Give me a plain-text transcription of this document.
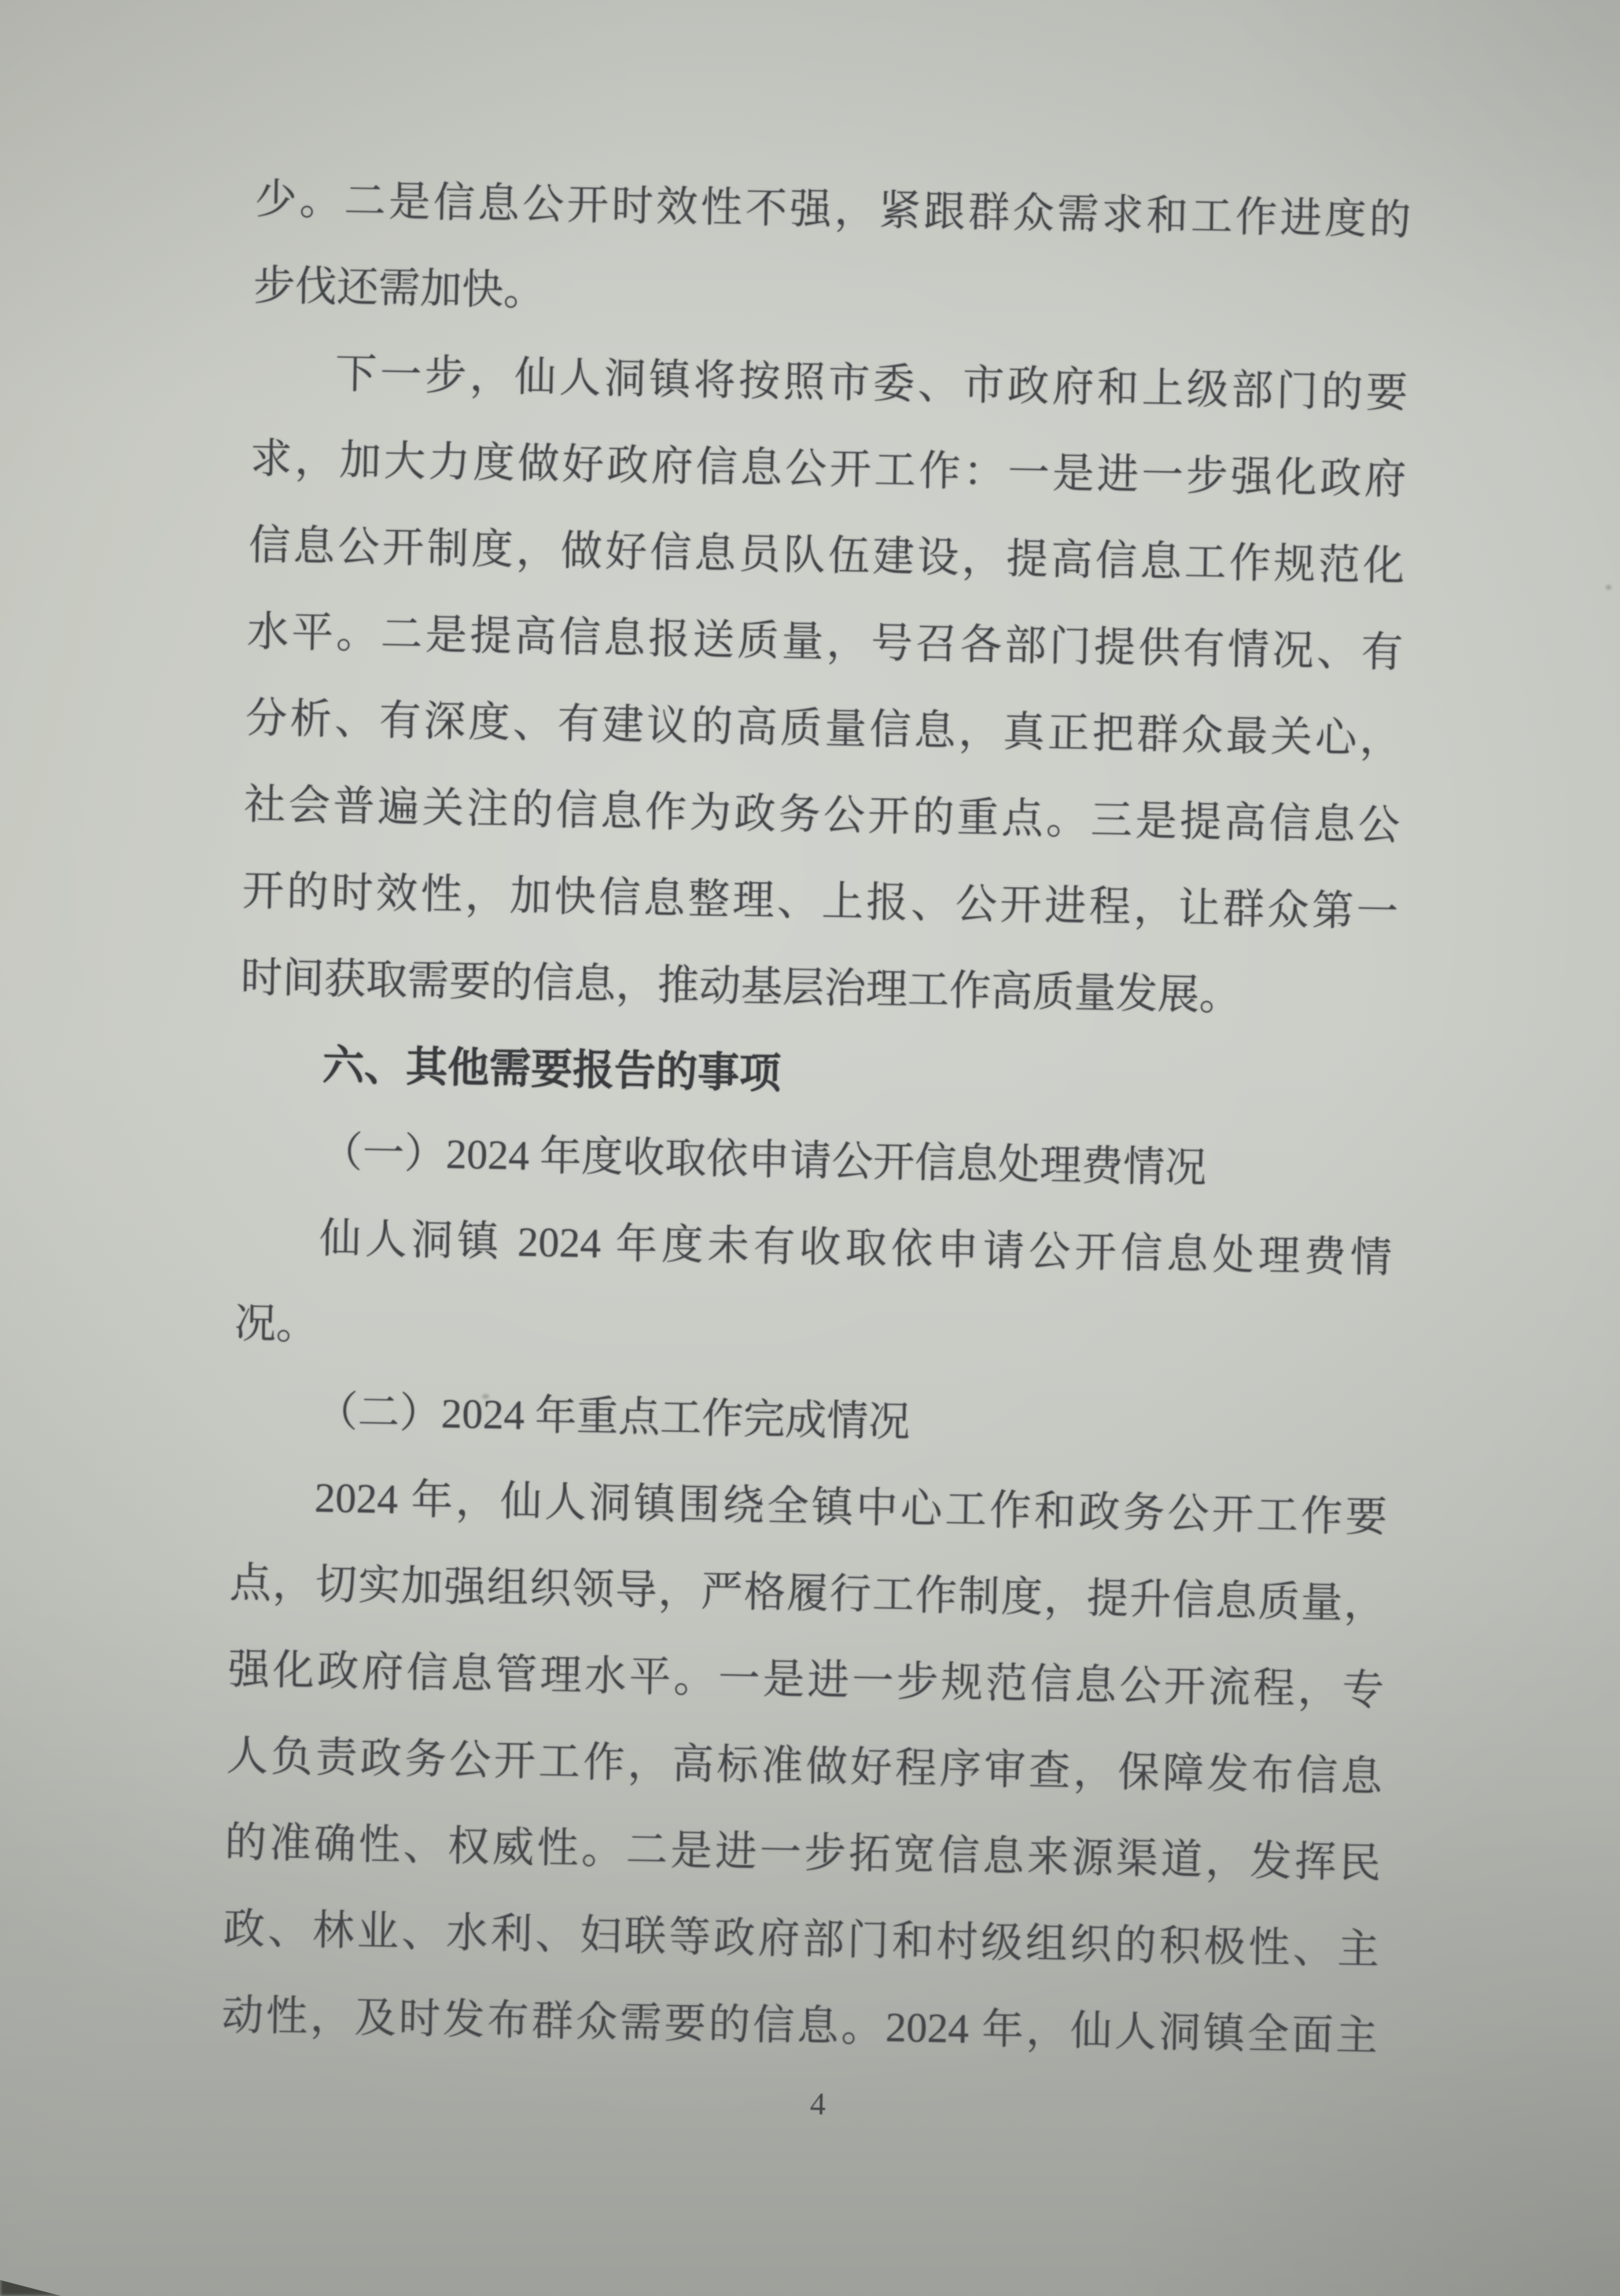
少。二是信息公开时效性不强，紧跟群众需求和工作进度的
步伐还需加快。
下一步，仙人洞镇将按照市委、市政府和上级部门的要
求，加大力度做好政府信息公开工作：一是进一步强化政府
信息公开制度，做好信息员队伍建设，提高信息工作规范化
水平。二是提高信息报送质量，号召各部门提供有情况、有
分析、有深度、有建议的高质量信息，真正把群众最关心，
社会普遍关注的信息作为政务公开的重点。三是提高信息公
开的时效性，加快信息整理、上报、公开进程，让群众第一
时间获取需要的信息，推动基层治理工作高质量发展。
六、其他需要报告的事项
（一）2024 年度收取依申请公开信息处理费情况
仙人洞镇 2024 年度未有收取依申请公开信息处理费情
况。
（二）2024 年重点工作完成情况
2024 年，仙人洞镇围绕全镇中心工作和政务公开工作要
点，切实加强组织领导，严格履行工作制度，提升信息质量，
强化政府信息管理水平。一是进一步规范信息公开流程，专
人负责政务公开工作，高标准做好程序审查，保障发布信息
的准确性、权威性。二是进一步拓宽信息来源渠道，发挥民
政、林业、水利、妇联等政府部门和村级组织的积极性、主
动性，及时发布群众需要的信息。2024 年，仙人洞镇全面主
4
